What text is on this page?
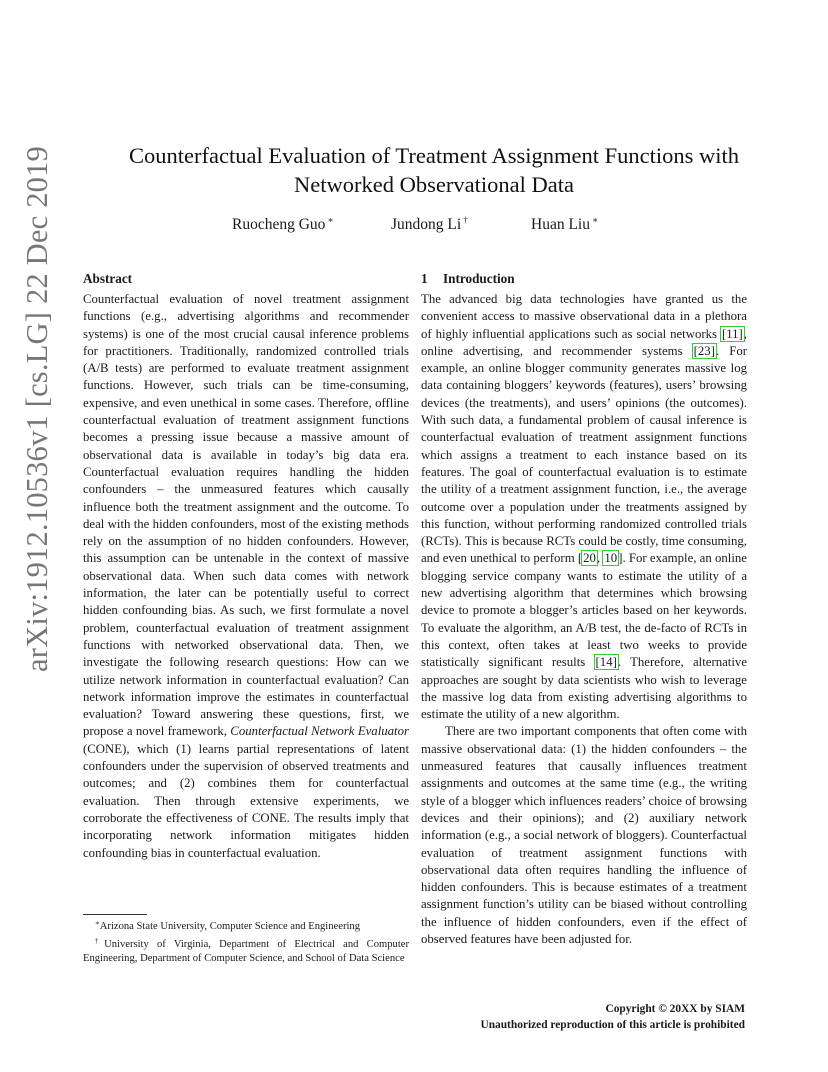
arXiv:1912.10536v1 [cs.LG] 22 Dec 2019	Counterfactual Evaluation of Treatment Assignment Functions with
Networked Observational Data
Ruocheng Guo ∗	Jundong Li †	Huan Liu ∗
Abstract

Counterfactual evaluation of novel treatment assignment functions (e.g., advertising algorithms and recommender systems) is one of the most crucial causal inference problems for practitioners. Traditionally, randomized controlled trials (A/B tests) are performed to evaluate treatment assignment functions. However, such trials can be time-consuming, expensive, and even unethical in some cases. Therefore, offline counterfactual evaluation of treatment assignment functions becomes a pressing issue because a massive amount of observational data is available in today’s big data era. Counterfactual evaluation requires handling the hidden confounders – the unmeasured features which causally influence both the treatment assignment and the outcome. To deal with the hidden confounders, most of the existing methods rely on the assumption of no hidden confounders. However, this assumption can be untenable in the context of massive observational data. When such data comes with network information, the later can be potentially useful to correct hidden confounding bias. As such, we first formulate a novel problem, counterfactual evaluation of treatment assignment functions with networked observational data. Then, we investigate the following research questions: How can we utilize network information in counterfactual evaluation? Can network information improve the estimates in counterfactual evaluation? Toward answering these questions, first, we propose a novel framework, Counterfactual Network Evaluator (CONE), which (1) learns partial representations of latent confounders under the supervision of observed treatments and outcomes; and (2) combines them for counterfactual evaluation. Then through extensive experiments, we corroborate the effectiveness of CONE. The results imply that incorporating network information mitigates hidden confounding bias in counterfactual evaluation.

1 Introduction

The advanced big data technologies have granted us the convenient access to massive observational data in a plethora of highly influential applications such as social networks [11], online advertising, and recommender systems [23]. For example, an online blogger community generates massive log data containing bloggers’ keywords (features), users’ browsing devices (the treatments), and users’ opinions (the outcomes). With such data, a fundamental problem of causal inference is counterfactual evaluation of treatment assignment functions which assigns a treatment to each instance based on its features. The goal of counterfactual evaluation is to estimate the utility of a treatment assignment function, i.e., the average outcome over a population under the treatments assigned by this function, without performing randomized controlled trials (RCTs). This is because RCTs could be costly, time consuming, and even unethical to perform [20, 10]. For example, an online blogging service company wants to estimate the utility of a new advertising algorithm that determines which browsing device to promote a blogger’s articles based on her keywords. To evaluate the algorithm, an A/B test, the de-facto of RCTs in this context, often takes at least two weeks to provide statistically significant results [14]. Therefore, alternative approaches are sought by data scientists who wish to leverage the massive log data from existing advertising algorithms to estimate the utility of a new algorithm.

There are two important components that often come with massive observational data: (1) the hidden confounders – the unmeasured features that causally influences treatment assignments and outcomes at the same time (e.g., the writing style of a blogger which influences readers’ choice of browsing devices and their opinions); and (2) auxiliary network information (e.g., a social network of bloggers). Counterfactual evaluation of treatment assignment functions with observational data often requires handling the influence of hidden confounders. This is because estimates of a treatment assignment function’s utility can be biased without controlling the influence of hidden confounders, even if the effect of observed features have been adjusted for.

∗Arizona State University, Computer Science and Engineering

†University of Virginia, Department of Electrical and Computer Engineering, Department of Computer Science, and School of Data Science

Copyright © 20XX by SIAM
Unauthorized reproduction of this article is prohibited
